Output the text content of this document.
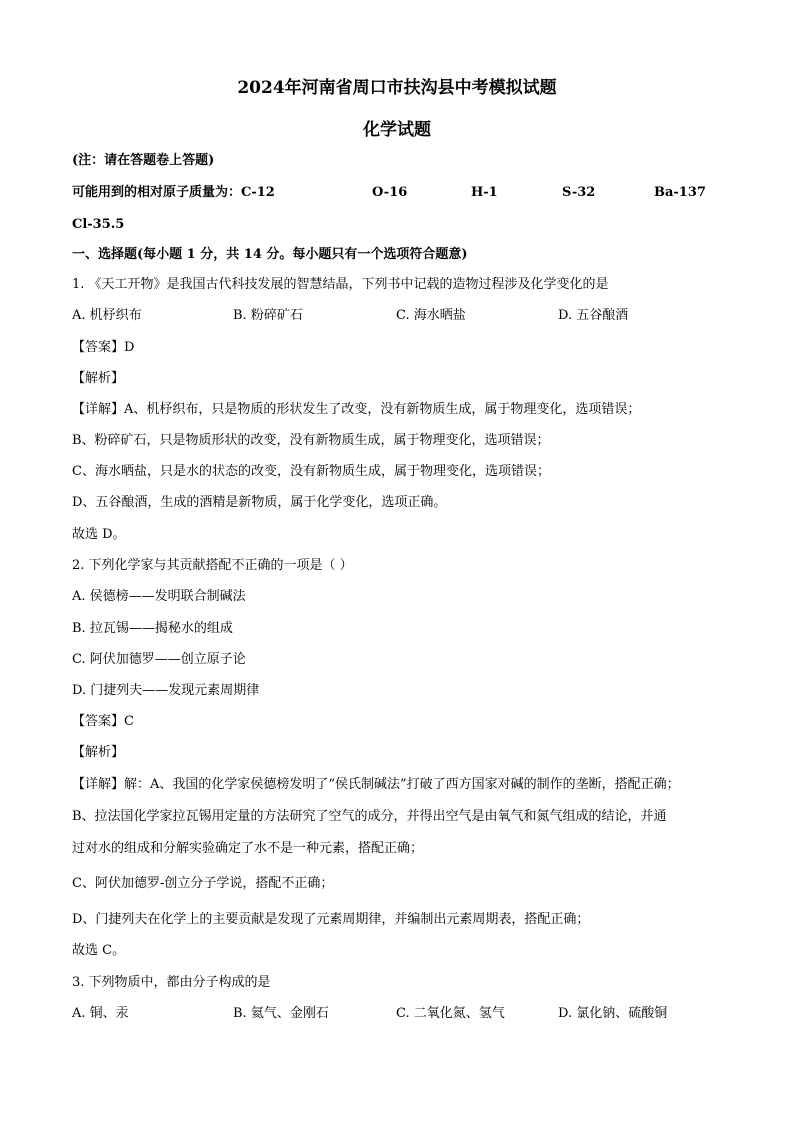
2024年河南省周口市扶沟县中考模拟试题
化学试题
(注：请在答题卷上答题)
可能用到的相对原子质量为：C-12	O-16	H-1	S-32	Ba-137
Cl-35.5
一、选择题(每小题 1 分，共 14 分。每小题只有一个选项符合题意)
1. 《天工开物》是我国古代科技发展的智慧结晶，下列书中记载的造物过程涉及化学变化的是
A. 机杼织布	B. 粉碎矿石	C. 海水晒盐	D. 五谷酿酒
【答案】D
【解析】
【详解】A、机杼织布，只是物质的形状发生了改变，没有新物质生成，属于物理变化，选项错误；
B、粉碎矿石，只是物质形状的改变，没有新物质生成，属于物理变化，选项错误；
C、海水晒盐，只是水的状态的改变，没有新物质生成，属于物理变化，选项错误；
D、五谷酿酒，生成的酒精是新物质，属于化学变化，选项正确。
故选 D。
2. 下列化学家与其贡献搭配不正确的一项是（ ）
A. 侯德榜——发明联合制碱法
B. 拉瓦锡——揭秘水的组成
C. 阿伏加德罗——创立原子论
D. 门捷列夫——发现元素周期律
【答案】C
【解析】
【详解】解：A、我国的化学家侯德榜发明了“侯氏制碱法”打破了西方国家对碱的制作的垄断，搭配正确；
B、拉法国化学家拉瓦锡用定量的方法研究了空气的成分，并得出空气是由氧气和氮气组成的结论，并通
过对水的组成和分解实验确定了水不是一种元素，搭配正确；
C、阿伏加德罗-创立分子学说，搭配不正确；
D、门捷列夫在化学上的主要贡献是发现了元素周期律，并编制出元素周期表，搭配正确；
故选 C。
3. 下列物质中，都由分子构成的是
A. 铜、汞	B. 氦气、金刚石	C. 二氧化氮、氢气	D. 氯化钠、硫酸铜
